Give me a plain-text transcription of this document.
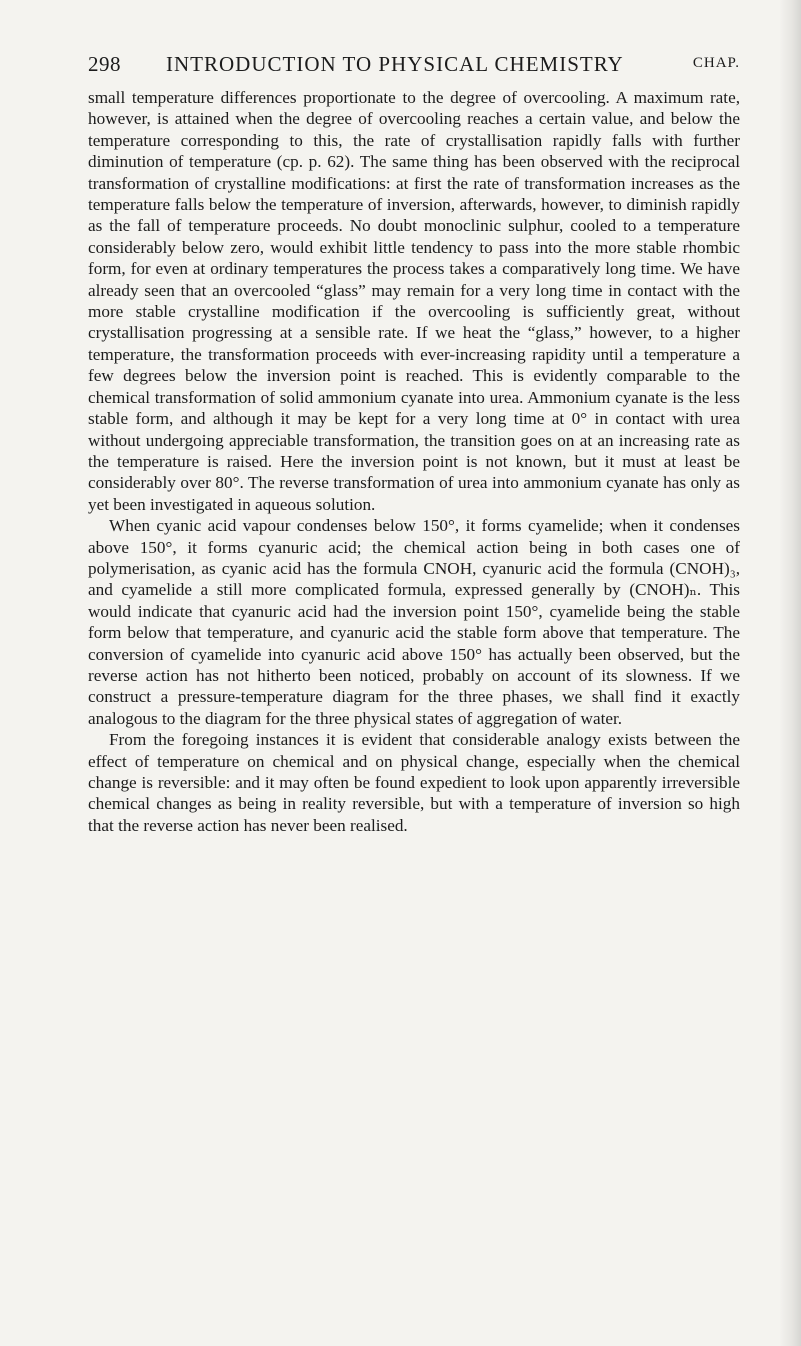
298 INTRODUCTION TO PHYSICAL CHEMISTRY	CHAP.

small temperature differences proportionate to the degree of overcooling. A maximum rate, however, is attained when the degree of overcooling reaches a certain value, and below the temperature corresponding to this, the rate of crystallisation rapidly falls with further diminution of temperature (cp. p. 62). The same thing has been observed with the reciprocal transformation of crystalline modifications: at first the rate of transformation increases as the temperature falls below the temperature of inversion, afterwards, however, to diminish rapidly as the fall of temperature proceeds. No doubt monoclinic sulphur, cooled to a temperature considerably below zero, would exhibit little tendency to pass into the more stable rhombic form, for even at ordinary temperatures the process takes a comparatively long time. We have already seen that an overcooled “glass” may remain for a very long time in contact with the more stable crystalline modification if the overcooling is sufficiently great, without crystallisation progressing at a sensible rate. If we heat the “glass,” however, to a higher temperature, the transformation proceeds with ever-increasing rapidity until a temperature a few degrees below the inversion point is reached. This is evidently comparable to the chemical transformation of solid ammonium cyanate into urea. Ammonium cyanate is the less stable form, and although it may be kept for a very long time at 0° in contact with urea without undergoing appreciable transformation, the transition goes on at an increasing rate as the temperature is raised. Here the inversion point is not known, but it must at least be considerably over 80°. The reverse transformation of urea into ammonium cyanate has only as yet been investigated in aqueous solution.

When cyanic acid vapour condenses below 150°, it forms cyamelide; when it condenses above 150°, it forms cyanuric acid; the chemical action being in both cases one of polymerisation, as cyanic acid has the formula CNOH, cyanuric acid the formula (CNOH)₃, and cyamelide a still more complicated formula, expressed generally by (CNOH)ₙ. This would indicate that cyanuric acid had the inversion point 150°, cyamelide being the stable form below that temperature, and cyanuric acid the stable form above that temperature. The conversion of cyamelide into cyanuric acid above 150° has actually been observed, but the reverse action has not hitherto been noticed, probably on account of its slowness. If we construct a pressure-temperature diagram for the three phases, we shall find it exactly analogous to the diagram for the three physical states of aggregation of water.

From the foregoing instances it is evident that considerable analogy exists between the effect of temperature on chemical and on physical change, especially when the chemical change is reversible: and it may often be found expedient to look upon apparently irreversible chemical changes as being in reality reversible, but with a temperature of inversion so high that the reverse action has never been realised.
